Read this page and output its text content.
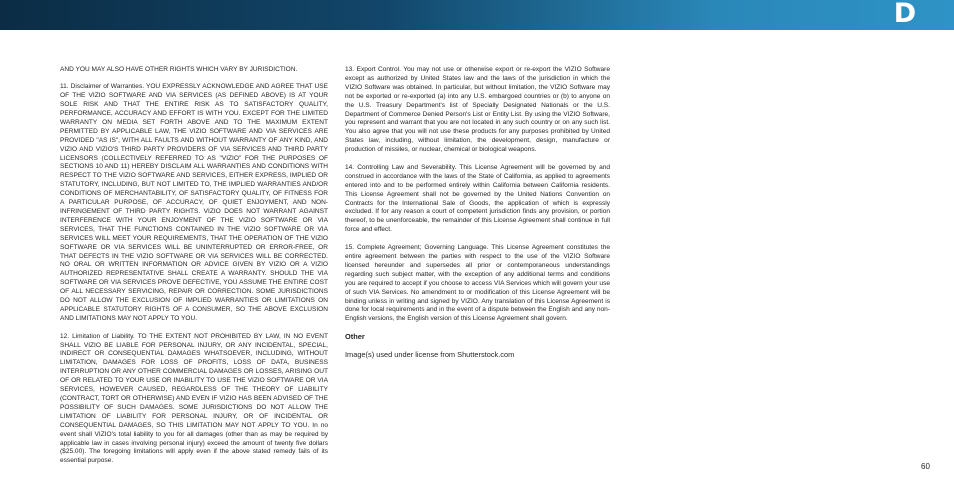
D

AND YOU MAY ALSO HAVE OTHER RIGHTS WHICH VARY BY JURISDICTION.

11. Disclaimer of Warranties. YOU EXPRESSLY ACKNOWLEDGE AND AGREE THAT USE OF THE VIZIO SOFTWARE AND VIA SERVICES (AS DEFINED ABOVE) IS AT YOUR SOLE RISK AND THAT THE ENTIRE RISK AS TO SATISFACTORY QUALITY, PERFORMANCE, ACCURACY AND EFFORT IS WITH YOU. EXCEPT FOR THE LIMITED WARRANTY ON MEDIA SET FORTH ABOVE AND TO THE MAXIMUM EXTENT PERMITTED BY APPLICABLE LAW, THE VIZIO SOFTWARE AND VIA SERVICES ARE PROVIDED "AS IS", WITH ALL FAULTS AND WITHOUT WARRANTY OF ANY KIND, AND VIZIO AND VIZIO'S THIRD PARTY PROVIDERS OF VIA SERVICES AND THIRD PARTY LICENSORS (COLLECTIVELY REFERRED TO AS "VIZIO" FOR THE PURPOSES OF SECTIONS 10 AND 11) HEREBY DISCLAIM ALL WARRANTIES AND CONDITIONS WITH RESPECT TO THE VIZIO SOFTWARE AND SERVICES, EITHER EXPRESS, IMPLIED OR STATUTORY, INCLUDING, BUT NOT LIMITED TO, THE IMPLIED WARRANTIES AND/OR CONDITIONS OF MERCHANTABILITY, OF SATISFACTORY QUALITY, OF FITNESS FOR A PARTICULAR PURPOSE, OF ACCURACY, OF QUIET ENJOYMENT, AND NON-INFRINGEMENT OF THIRD PARTY RIGHTS. VIZIO DOES NOT WARRANT AGAINST INTERFERENCE WITH YOUR ENJOYMENT OF THE VIZIO SOFTWARE OR VIA SERVICES, THAT THE FUNCTIONS CONTAINED IN THE VIZIO SOFTWARE OR VIA SERVICES WILL MEET YOUR REQUIREMENTS, THAT THE OPERATION OF THE VIZIO SOFTWARE OR VIA SERVICES WILL BE UNINTERRUPTED OR ERROR-FREE, OR THAT DEFECTS IN THE VIZIO SOFTWARE OR VIA SERVICES WILL BE CORRECTED. NO ORAL OR WRITTEN INFORMATION OR ADVICE GIVEN BY VIZIO OR A VIZIO AUTHORIZED REPRESENTATIVE SHALL CREATE A WARRANTY. SHOULD THE VIA SOFTWARE OR VIA SERVICES PROVE DEFECTIVE, YOU ASSUME THE ENTIRE COST OF ALL NECESSARY SERVICING, REPAIR OR CORRECTION. SOME JURISDICTIONS DO NOT ALLOW THE EXCLUSION OF IMPLIED WARRANTIES OR LIMITATIONS ON APPLICABLE STATUTORY RIGHTS OF A CONSUMER, SO THE ABOVE EXCLUSION AND LIMITATIONS MAY NOT APPLY TO YOU.

12. Limitation of Liability. TO THE EXTENT NOT PROHIBITED BY LAW, IN NO EVENT SHALL VIZIO BE LIABLE FOR PERSONAL INJURY, OR ANY INCIDENTAL, SPECIAL, INDIRECT OR CONSEQUENTIAL DAMAGES WHATSOEVER, INCLUDING, WITHOUT LIMITATION, DAMAGES FOR LOSS OF PROFITS, LOSS OF DATA, BUSINESS INTERRUPTION OR ANY OTHER COMMERCIAL DAMAGES OR LOSSES, ARISING OUT OF OR RELATED TO YOUR USE OR INABILITY TO USE THE VIZIO SOFTWARE OR VIA SERVICES, HOWEVER CAUSED, REGARDLESS OF THE THEORY OF LIABILITY (CONTRACT, TORT OR OTHERWISE) AND EVEN IF VIZIO HAS BEEN ADVISED OF THE POSSIBILITY OF SUCH DAMAGES. SOME JURISDICTIONS DO NOT ALLOW THE LIMITATION OF LIABILITY FOR PERSONAL INJURY, OR OF INCIDENTAL OR CONSEQUENTIAL DAMAGES, SO THIS LIMITATION MAY NOT APPLY TO YOU. In no event shall VIZIO's total liability to you for all damages (other than as may be required by applicable law in cases involving personal injury) exceed the amount of twenty five dollars ($25.00). The foregoing limitations will apply even if the above stated remedy fails of its essential purpose.

13. Export Control. You may not use or otherwise export or re-export the VIZIO Software except as authorized by United States law and the laws of the jurisdiction in which the VIZIO Software was obtained. In particular, but without limitation, the VIZIO Software may not be exported or re-exported (a) into any U.S. embargoed countries or (b) to anyone on the U.S. Treasury Department's list of Specially Designated Nationals or the U.S. Department of Commerce Denied Person's List or Entity List. By using the VIZIO Software, you represent and warrant that you are not located in any such country or on any such list. You also agree that you will not use these products for any purposes prohibited by United States law, including, without limitation, the development, design, manufacture or production of missiles, or nuclear, chemical or biological weapons.

14. Controlling Law and Severability. This License Agreement will be governed by and construed in accordance with the laws of the State of California, as applied to agreements entered into and to be performed entirely within California between California residents. This License Agreement shall not be governed by the United Nations Convention on Contracts for the International Sale of Goods, the application of which is expressly excluded. If for any reason a court of competent jurisdiction finds any provision, or portion thereof, to be unenforceable, the remainder of this License Agreement shall continue in full force and effect.

15. Complete Agreement; Governing Language. This License Agreement constitutes the entire agreement between the parties with respect to the use of the VIZIO Software licensed hereunder and supersedes all prior or contemporaneous understandings regarding such subject matter, with the exception of any additional terms and conditions you are required to accept if you choose to access VIA Services which will govern your use of such VIA Services. No amendment to or modification of this License Agreement will be binding unless in writing and signed by VIZIO. Any translation of this License Agreement is done for local requirements and in the event of a dispute between the English and any non-English versions, the English version of this License Agreement shall govern.

Other

Image(s) used under license from Shutterstock.com

60
